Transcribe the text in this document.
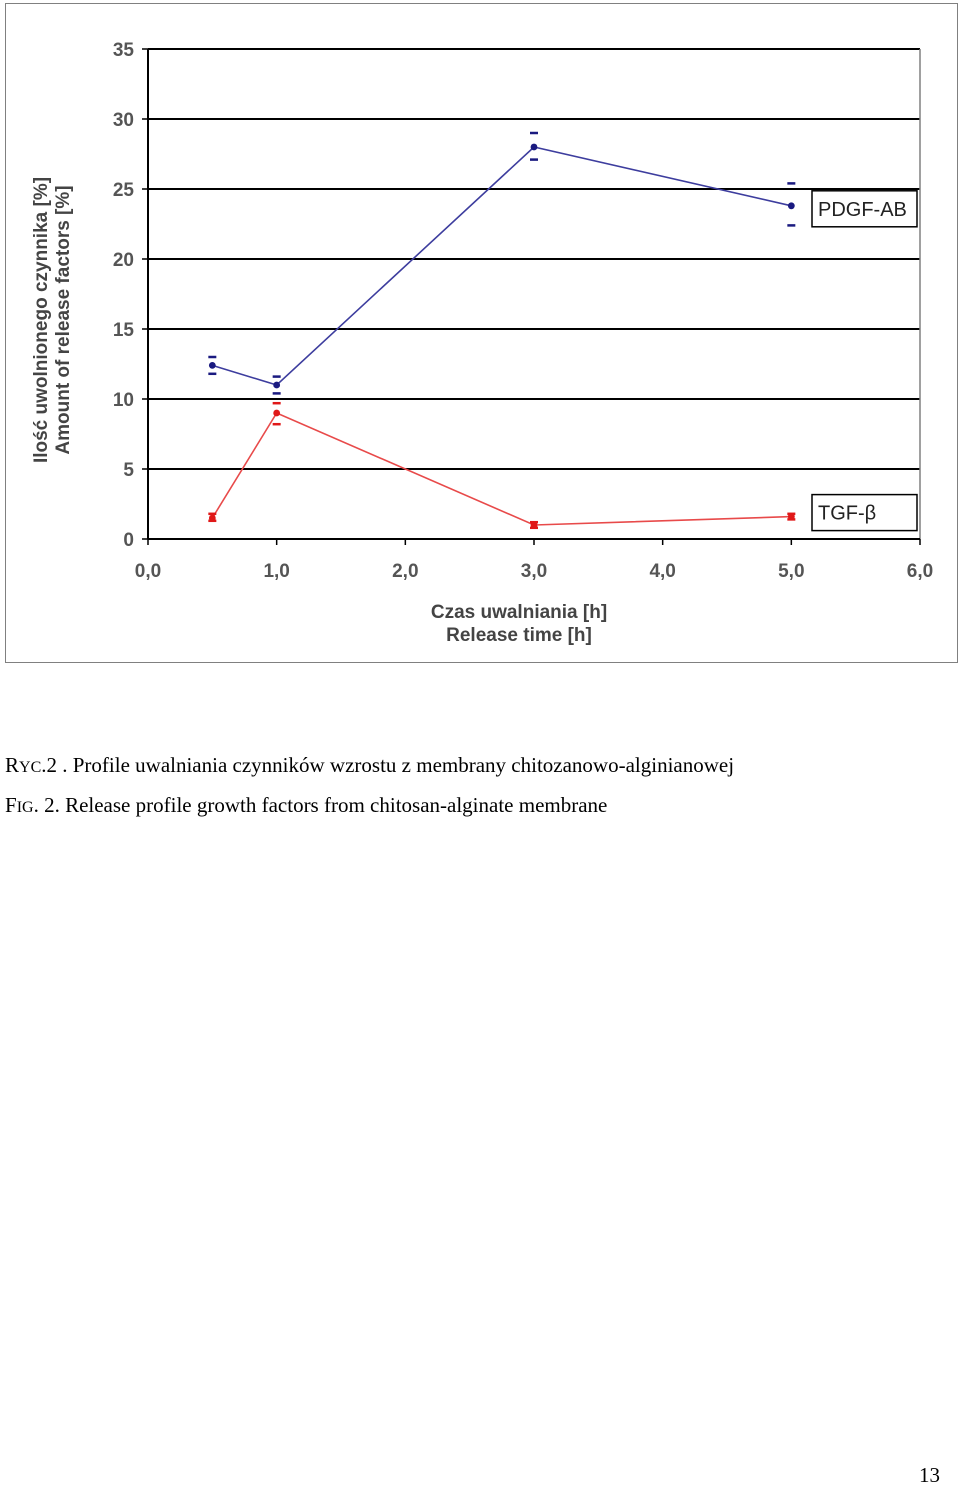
0
5
10
15
20
25
30
35
0,0	1,0	2,0	3,0	4,0	5,0	6,0
PDGF-AB
TGF-β
Ilość uwolnionego czynnika [%] Amount of release factors [%]
Czas uwalniania [h]
Release time [h]

RYC.2 . Profile uwalniania czynników wzrostu z membrany chitozanowo-alginianowej

FIG. 2. Release profile growth factors from chitosan-alginate membrane

13
